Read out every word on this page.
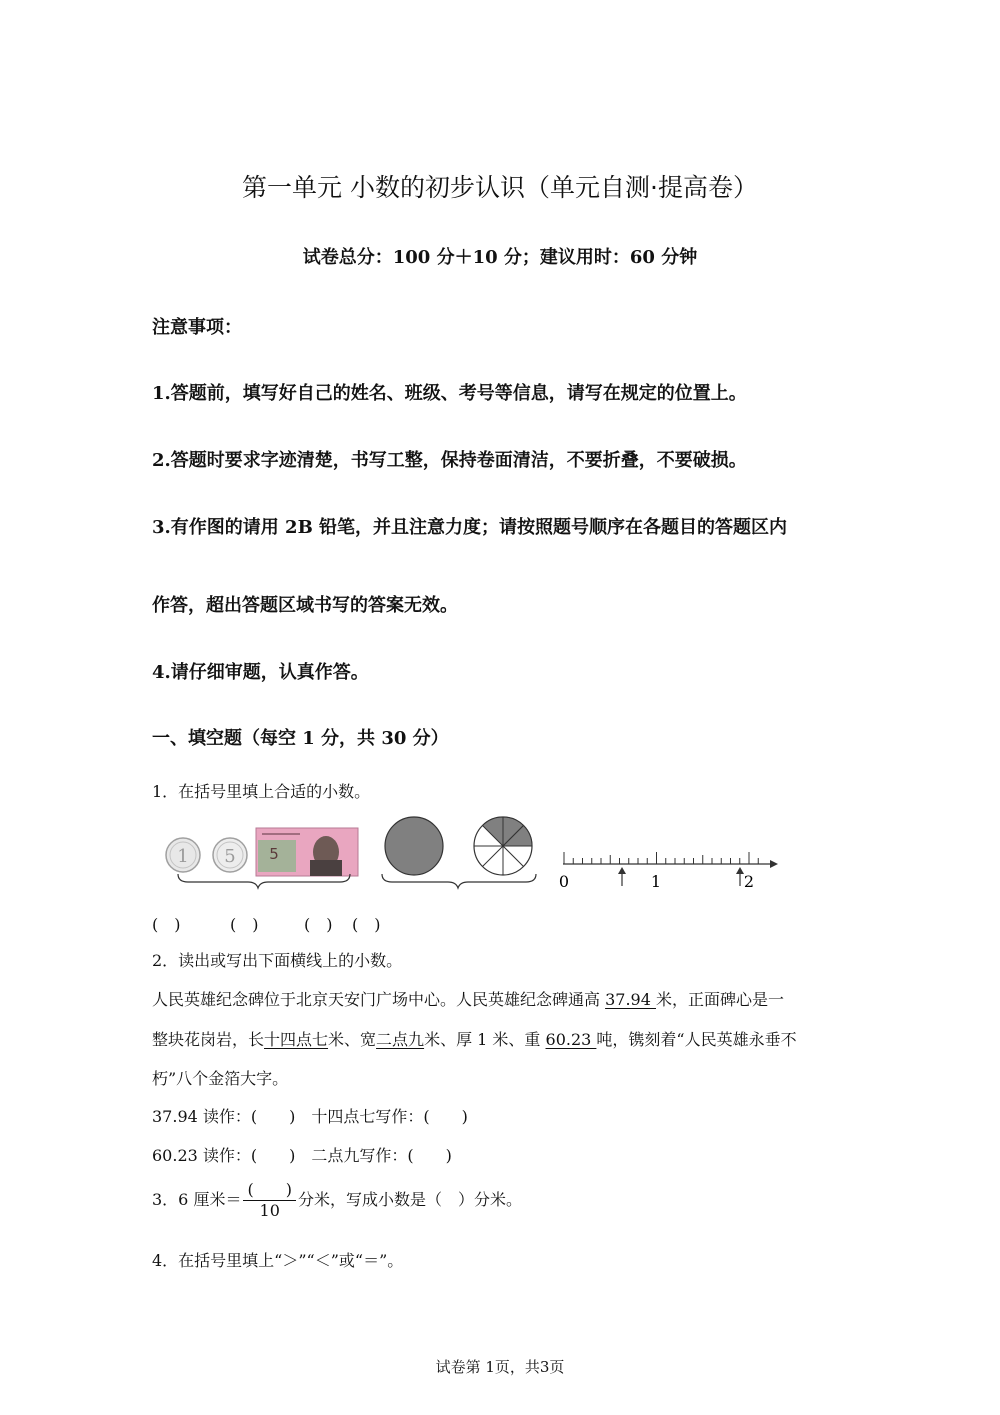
第一单元 小数的初步认识（单元自测·提高卷）
试卷总分：100 分＋10 分；建议用时：60 分钟
注意事项：
1.答题前，填写好自己的姓名、班级、考号等信息，请写在规定的位置上。
2.答题时要求字迹清楚，书写工整，保持卷面清洁，不要折叠，不要破损。
3.有作图的请用 2B 铅笔，并且注意力度；请按照题号顺序在各题目的答题区内
作答，超出答题区域书写的答案无效。
4.请仔细审题，认真作答。
一、填空题（每空 1 分，共 30 分）
1．在括号里填上合适的小数。
1 5 5
0	1	2
(　)	(　)	(　) (　)
2．读出或写出下面横线上的小数。
人民英雄纪念碑位于北京天安门广场中心。人民英雄纪念碑通高 37.94 米，正面碑心是一
整块花岗岩，长十四点七米、宽二点九米、厚 1 米、重 60.23 吨，镌刻着“人民英雄永垂不
朽”八个金箔大字。
37.94 读作：(　　)　十四点七写作：(　　)
60.23 读作：(　　)　二点九写作：(　　)
3．6 厘米＝ $\frac{( )}{10}$ 分米，写成小数是（　）分米。
4．在括号里填上“＞”“＜”或“＝”。
试卷第 1页，共3页
